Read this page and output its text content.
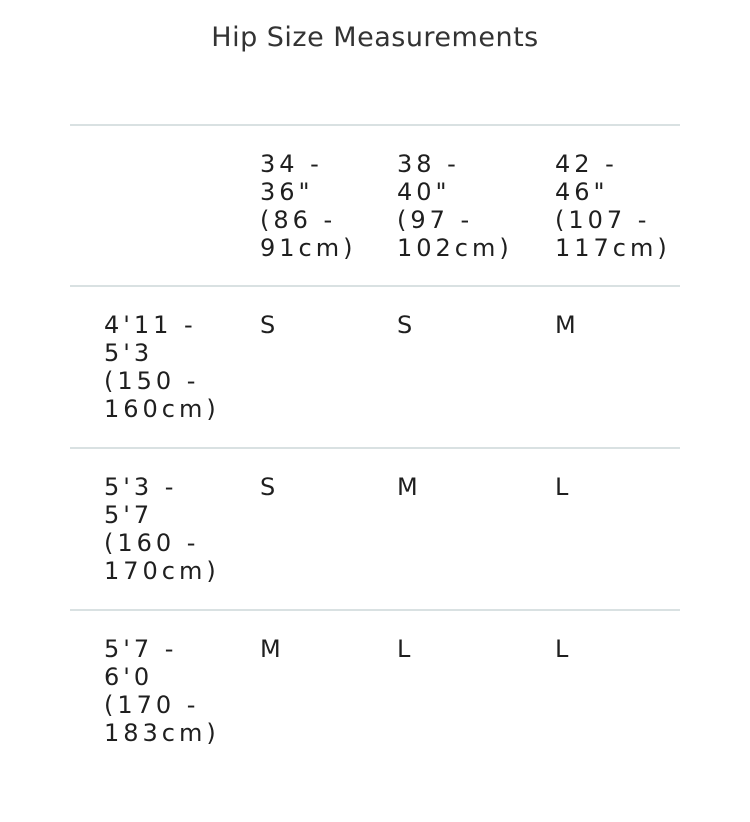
Hip Size Measurements

	34 -
36"
(86 -
91cm)	38 -
40"
(97 -
102cm)	42 -
46"
(107 -
117cm)

4'11 -
5'3
(150 -
160cm)	S	S	M

5'3 -
5'7
(160 -
170cm)	S	M	L

5'7 -
6'0
(170 -
183cm)	M	L	L
